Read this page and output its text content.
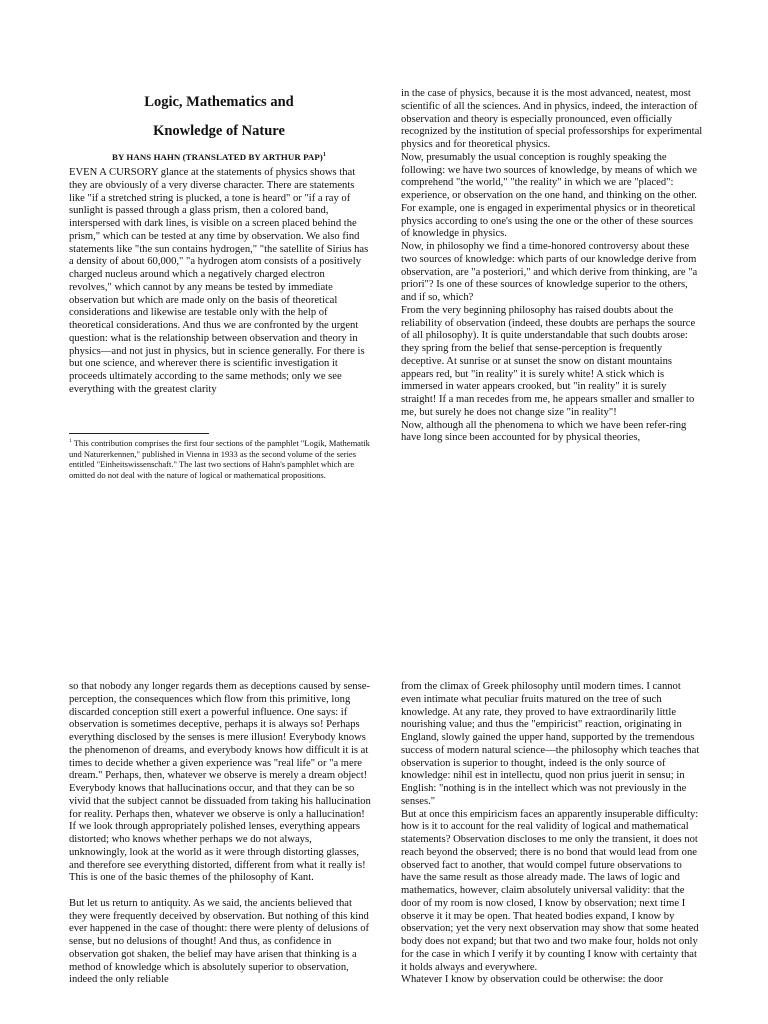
Logic, Mathematics and
Knowledge of Nature
BY HANS HAHN (TRANSLATED BY ARTHUR PAP)$^1$

EVEN A CURSORY glance at the statements of physics shows that they are obviously of a very diverse character. There are statements like "if a stretched string is plucked, a tone is heard" or "if a ray of sunlight is passed through a glass prism, then a colored band, interspersed with dark lines, is visible on a screen placed behind the prism," which can be tested at any time by observation. We also find statements like "the sun contains hydrogen," "the satellite of Sirius has a density of about 60,000," "a hydrogen atom consists of a positively charged nucleus around which a negatively charged electron revolves," which cannot by any means be tested by immediate observation but which are made only on the basis of theoretical considerations and likewise are testable only with the help of theoretical considerations. And thus we are confronted by the urgent question: what is the relationship between observation and theory in physics—and not just in physics, but in science generally. For there is but one science, and wherever there is scientific investigation it proceeds ultimately according to the same methods; only we see everything with the greatest clarity

$^1$ This contribution comprises the first four sections of the pamphlet "Logik, Mathematik und Naturerkennen," published in Vienna in 1933 as the second volume of the series entitled "Einheitswissenschaft." The last two sections of Hahn's pamphlet which are omitted do not deal with the nature of logical or mathematical propositions.

in the case of physics, because it is the most advanced, neatest, most scientific of all the sciences. And in physics, indeed, the interaction of observation and theory is especially pronounced, even officially recognized by the institution of special professorships for experimental physics and for theoretical physics.

Now, presumably the usual conception is roughly speaking the following: we have two sources of knowledge, by means of which we comprehend "the world," "the reality" in which we are "placed": experience, or observation on the one hand, and thinking on the other. For example, one is engaged in experimental physics or in theoretical physics according to one's using the one or the other of these sources of knowledge in physics.

Now, in philosophy we find a time-honored controversy about these two sources of knowledge: which parts of our knowledge derive from observation, are "a posteriori," and which derive from thinking, are "a priori"? Is one of these sources of knowledge superior to the others, and if so, which?

From the very beginning philosophy has raised doubts about the reliability of observation (indeed, these doubts are perhaps the source of all philosophy). It is quite understandable that such doubts arose: they spring from the belief that sense-perception is frequently deceptive. At sunrise or at sunset the snow on distant mountains appears red, but "in reality" it is surely white! A stick which is immersed in water appears crooked, but "in reality" it is surely straight! If a man recedes from me, he appears smaller and smaller to me, but surely he does not change size "in reality"!

Now, although all the phenomena to which we have been refer-ring have long since been accounted for by physical theories,

so that nobody any longer regards them as deceptions caused by sense-perception, the consequences which flow from this primitive, long discarded conception still exert a powerful influence. One says: if observation is sometimes deceptive, perhaps it is always so! Perhaps everything disclosed by the senses is mere illusion! Everybody knows the phenomenon of dreams, and everybody knows how difficult it is at times to decide whether a given experience was "real life" or "a mere dream." Perhaps, then, whatever we observe is merely a dream object! Everybody knows that hallucinations occur, and that they can be so vivid that the subject cannot be dissuaded from taking his hallucination for reality. Perhaps then, whatever we observe is only a hallucination! If we look through appropriately polished lenses, everything appears distorted; who knows whether perhaps we do not always, unknowingly, look at the world as it were through distorting glasses, and therefore see everything distorted, different from what it really is! This is one of the basic themes of the philosophy of Kant.

But let us return to antiquity. As we said, the ancients believed that they were frequently deceived by observation. But nothing of this kind ever happened in the case of thought: there were plenty of delusions of sense, but no delusions of thought! And thus, as confidence in observation got shaken, the belief may have arisen that thinking is a method of knowledge which is absolutely superior to observation, indeed the only reliable

from the climax of Greek philosophy until modern times. I cannot even intimate what peculiar fruits matured on the tree of such knowledge. At any rate, they proved to have extraordinarily little nourishing value; and thus the "empiricist" reaction, originating in England, slowly gained the upper hand, supported by the tremendous success of modern natural science—the philosophy which teaches that observation is superior to thought, indeed is the only source of knowledge: nihil est in intellectu, quod non prius juerit in sensu; in English: "nothing is in the intellect which was not previously in the senses."

But at once this empiricism faces an apparently insuperable difficulty: how is it to account for the real validity of logical and mathematical statements? Observation discloses to me only the transient, it does not reach beyond the observed; there is no bond that would lead from one observed fact to another, that would compel future observations to have the same result as those already made. The laws of logic and mathematics, however, claim absolutely universal validity: that the door of my room is now closed, I know by observation; next time I observe it it may be open. That heated bodies expand, I know by observation; yet the very next observation may show that some heated body does not expand; but that two and two make four, holds not only for the case in which I verify it by counting I know with certainty that it holds always and everywhere.

Whatever I know by observation could be otherwise: the door
